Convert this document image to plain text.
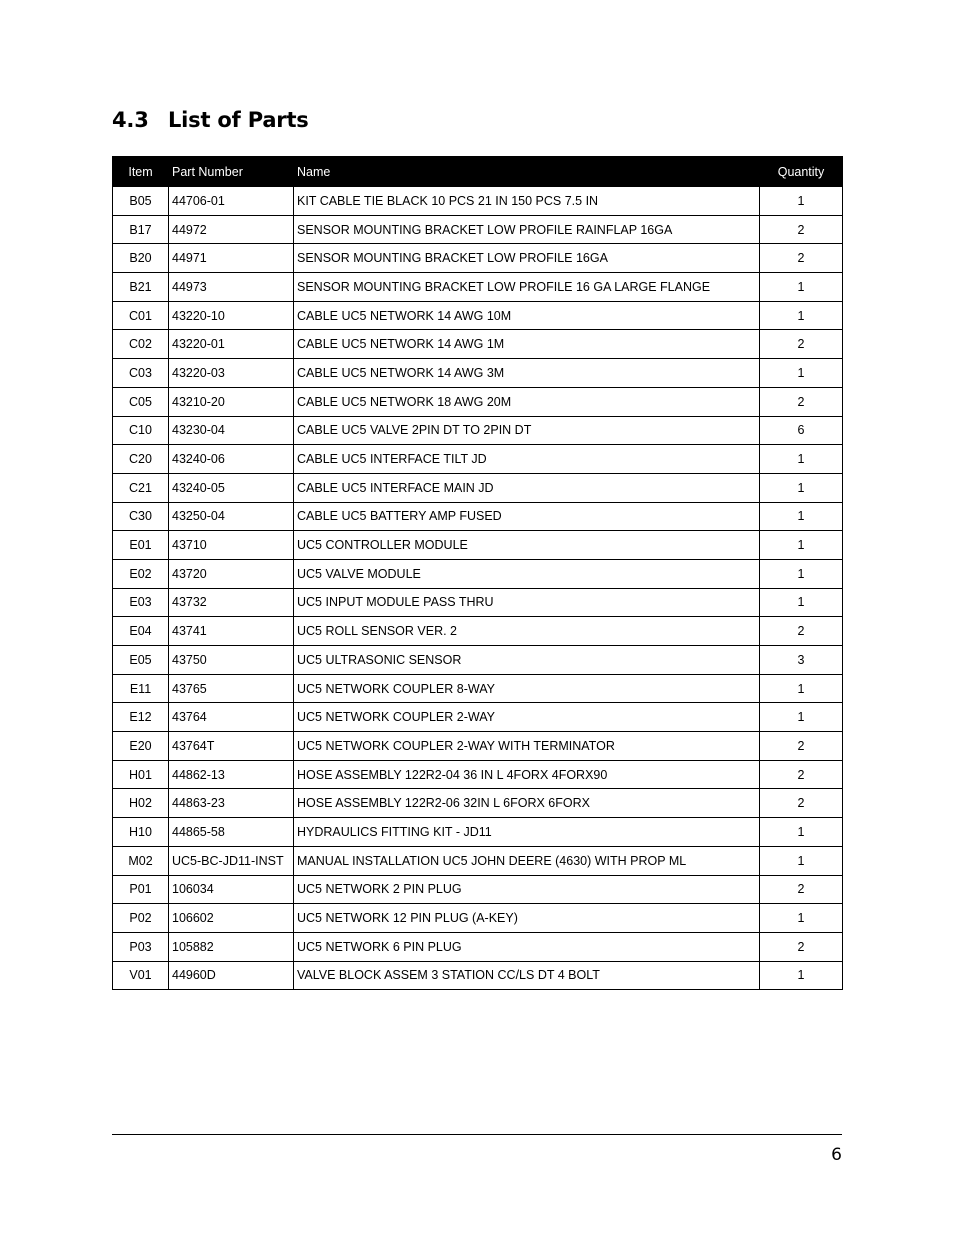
4.3 List of Parts
Item	Part Number	Name	Quantity
B05	44706-01	KIT CABLE TIE BLACK 10 PCS 21 IN 150 PCS 7.5 IN	1
B17	44972	SENSOR MOUNTING BRACKET LOW PROFILE RAINFLAP 16GA	2
B20	44971	SENSOR MOUNTING BRACKET LOW PROFILE 16GA	2
B21	44973	SENSOR MOUNTING BRACKET LOW PROFILE 16 GA LARGE FLANGE	1
C01	43220-10	CABLE UC5 NETWORK 14 AWG 10M	1
C02	43220-01	CABLE UC5 NETWORK 14 AWG 1M	2
C03	43220-03	CABLE UC5 NETWORK 14 AWG 3M	1
C05	43210-20	CABLE UC5 NETWORK 18 AWG 20M	2
C10	43230-04	CABLE UC5 VALVE 2PIN DT TO 2PIN DT	6
C20	43240-06	CABLE UC5 INTERFACE TILT JD	1
C21	43240-05	CABLE UC5 INTERFACE MAIN JD	1
C30	43250-04	CABLE UC5 BATTERY AMP FUSED	1
E01	43710	UC5 CONTROLLER MODULE	1
E02	43720	UC5 VALVE MODULE	1
E03	43732	UC5 INPUT MODULE PASS THRU	1
E04	43741	UC5 ROLL SENSOR VER. 2	2
E05	43750	UC5 ULTRASONIC SENSOR	3
E11	43765	UC5 NETWORK COUPLER 8-WAY	1
E12	43764	UC5 NETWORK COUPLER 2-WAY	1
E20	43764T	UC5 NETWORK COUPLER 2-WAY WITH TERMINATOR	2
H01	44862-13	HOSE ASSEMBLY 122R2-04 36 IN L 4FORX 4FORX90	2
H02	44863-23	HOSE ASSEMBLY 122R2-06 32IN L 6FORX 6FORX	2
H10	44865-58	HYDRAULICS FITTING KIT - JD11	1
M02	UC5-BC-JD11-INST	MANUAL INSTALLATION UC5 JOHN DEERE (4630) WITH PROP ML	1
P01	106034	UC5 NETWORK 2 PIN PLUG	2
P02	106602	UC5 NETWORK 12 PIN PLUG (A-KEY)	1
P03	105882	UC5 NETWORK 6 PIN PLUG	2
V01	44960D	VALVE BLOCK ASSEM 3 STATION CC/LS DT 4 BOLT	1
6
